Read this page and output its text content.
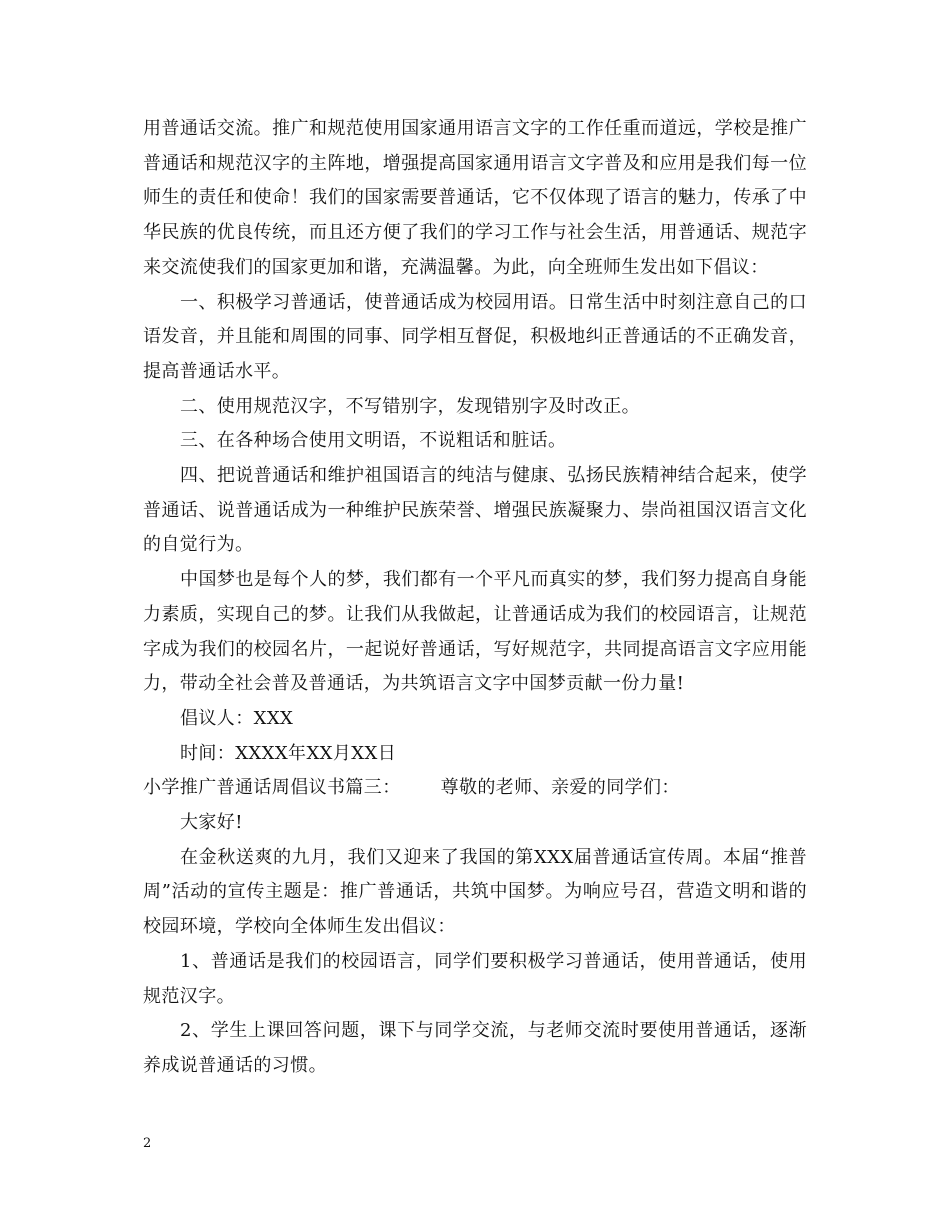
用普通话交流。推广和规范使用国家通用语言文字的工作任重而道远，学校是推广普通话和规范汉字的主阵地，增强提高国家通用语言文字普及和应用是我们每一位师生的责任和使命！我们的国家需要普通话，它不仅体现了语言的魅力，传承了中华民族的优良传统，而且还方便了我们的学习工作与社会生活，用普通话、规范字来交流使我们的国家更加和谐，充满温馨。为此，向全班师生发出如下倡议：

一、积极学习普通话，使普通话成为校园用语。日常生活中时刻注意自己的口语发音，并且能和周围的同事、同学相互督促，积极地纠正普通话的不正确发音，提高普通话水平。

二、使用规范汉字，不写错别字，发现错别字及时改正。

三、在各种场合使用文明语，不说粗话和脏话。

四、把说普通话和维护祖国语言的纯洁与健康、弘扬民族精神结合起来，使学普通话、说普通话成为一种维护民族荣誉、增强民族凝聚力、崇尚祖国汉语言文化的自觉行为。

中国梦也是每个人的梦，我们都有一个平凡而真实的梦，我们努力提高自身能力素质，实现自己的梦。让我们从我做起，让普通话成为我们的校园语言，让规范字成为我们的校园名片，一起说好普通话，写好规范字，共同提高语言文字应用能力，带动全社会普及普通话，为共筑语言文字中国梦贡献一份力量!

倡议人：XXX

时间：XXXX年XX月XX日

小学推广普通话周倡议书篇三： 尊敬的老师、亲爱的同学们：

大家好!

在金秋送爽的九月，我们又迎来了我国的第XXX届普通话宣传周。本届“推普周”活动的宣传主题是：推广普通话，共筑中国梦。为响应号召，营造文明和谐的校园环境，学校向全体师生发出倡议：

1、普通话是我们的校园语言，同学们要积极学习普通话，使用普通话，使用规范汉字。

2、学生上课回答问题，课下与同学交流，与老师交流时要使用普通话，逐渐养成说普通话的习惯。

2
